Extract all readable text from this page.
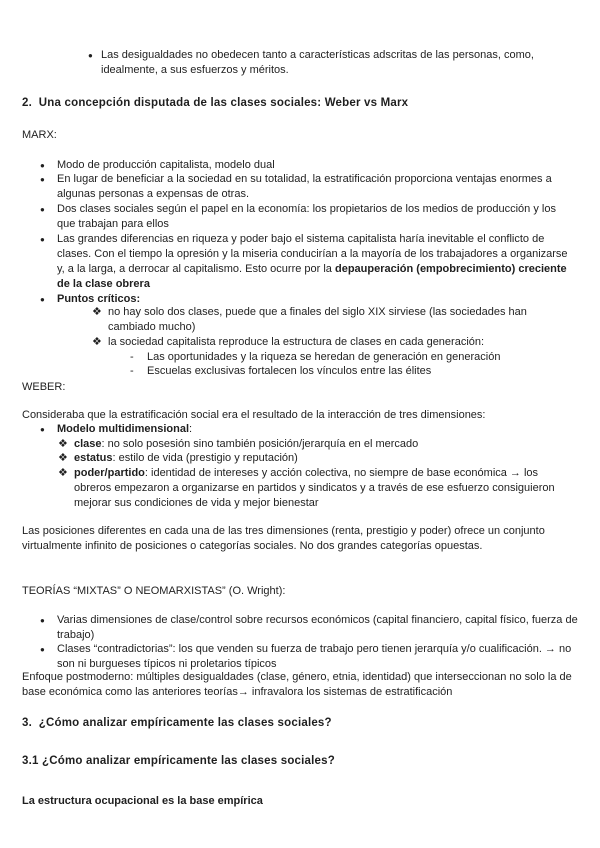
● Las desigualdades no obedecen tanto a características adscritas de las personas, como, idealmente, a sus esfuerzos y méritos.

2. Una concepción disputada de las clases sociales: Weber vs Marx

MARX:

● Modo de producción capitalista, modelo dual

● En lugar de beneficiar a la sociedad en su totalidad, la estratificación proporciona ventajas enormes a algunas personas a expensas de otras.

● Dos clases sociales según el papel en la economía: los propietarios de los medios de producción y los que trabajan para ellos

● Las grandes diferencias en riqueza y poder bajo el sistema capitalista haría inevitable el conflicto de clases. Con el tiempo la opresión y la miseria conducirían a la mayoría de los trabajadores a organizarse y, a la larga, a derrocar al capitalismo. Esto ocurre por la depauperación (empobrecimiento) creciente de la clase obrera

● Puntos críticos:

❖ no hay solo dos clases, puede que a finales del siglo XIX sirviese (las sociedades han cambiado mucho)

❖ la sociedad capitalista reproduce la estructura de clases en cada generación:

- Las oportunidades y la riqueza se heredan de generación en generación

- Escuelas exclusivas fortalecen los vínculos entre las élites

WEBER:

Consideraba que la estratificación social era el resultado de la interacción de tres dimensiones:

● Modelo multidimensional:

❖ clase: no solo posesión sino también posición/jerarquía en el mercado

❖ estatus: estilo de vida (prestigio y reputación)

❖ poder/partido: identidad de intereses y acción colectiva, no siempre de base económica → los obreros empezaron a organizarse en partidos y sindicatos y a través de ese esfuerzo consiguieron mejorar sus condiciones de vida y mejor bienestar

Las posiciones diferentes en cada una de las tres dimensiones (renta, prestigio y poder) ofrece un conjunto virtualmente infinito de posiciones o categorías sociales. No dos grandes categorías opuestas.

TEORÍAS “MIXTAS” O NEOMARXISTAS” (O. Wright):

● Varias dimensiones de clase/control sobre recursos económicos (capital financiero, capital físico, fuerza de trabajo)

● Clases “contradictorias”: los que venden su fuerza de trabajo pero tienen jerarquía y/o cualificación. → no son ni burgueses típicos ni proletarios típicos

Enfoque postmoderno: múltiples desigualdades (clase, género, etnia, identidad) que interseccionan no solo la de base económica como las anteriores teorías→ infravalora los sistemas de estratificación

3. ¿Cómo analizar empíricamente las clases sociales?

3.1 ¿Cómo analizar empíricamente las clases sociales?

La estructura ocupacional es la base empírica
